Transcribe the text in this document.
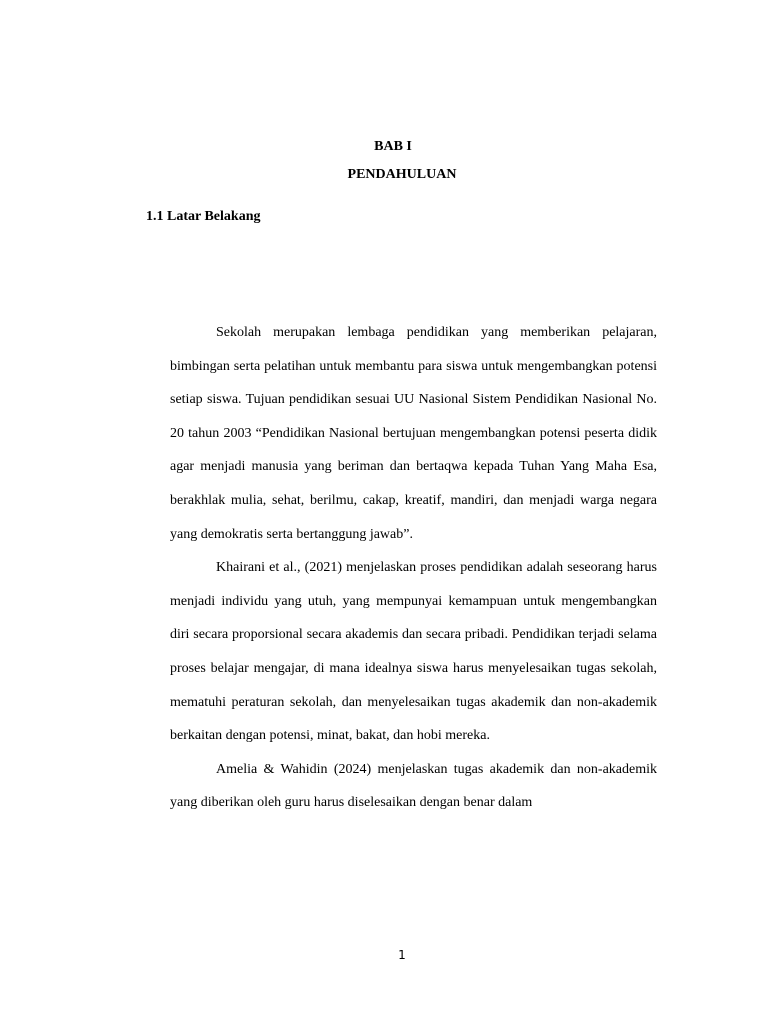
BAB I
PENDAHULUAN
1.1 Latar Belakang

Sekolah merupakan lembaga pendidikan yang memberikan pelajaran, bimbingan serta pelatihan untuk membantu para siswa untuk mengembangkan potensi setiap siswa. Tujuan pendidikan sesuai UU Nasional Sistem Pendidikan Nasional No. 20 tahun 2003 “Pendidikan Nasional bertujuan mengembangkan potensi peserta didik agar menjadi manusia yang beriman dan bertaqwa kepada Tuhan Yang Maha Esa, berakhlak mulia, sehat, berilmu, cakap, kreatif, mandiri, dan menjadi warga negara yang demokratis serta bertanggung jawab”.

Khairani et al., (2021) menjelaskan proses pendidikan adalah seseorang harus menjadi individu yang utuh, yang mempunyai kemampuan untuk mengembangkan diri secara proporsional secara akademis dan secara pribadi. Pendidikan terjadi selama proses belajar mengajar, di mana idealnya siswa harus menyelesaikan tugas sekolah, mematuhi peraturan sekolah, dan menyelesaikan tugas akademik dan non-akademik berkaitan dengan potensi, minat, bakat, dan hobi mereka.

Amelia & Wahidin (2024) menjelaskan tugas akademik dan non-akademik yang diberikan oleh guru harus diselesaikan dengan benar dalam

1
